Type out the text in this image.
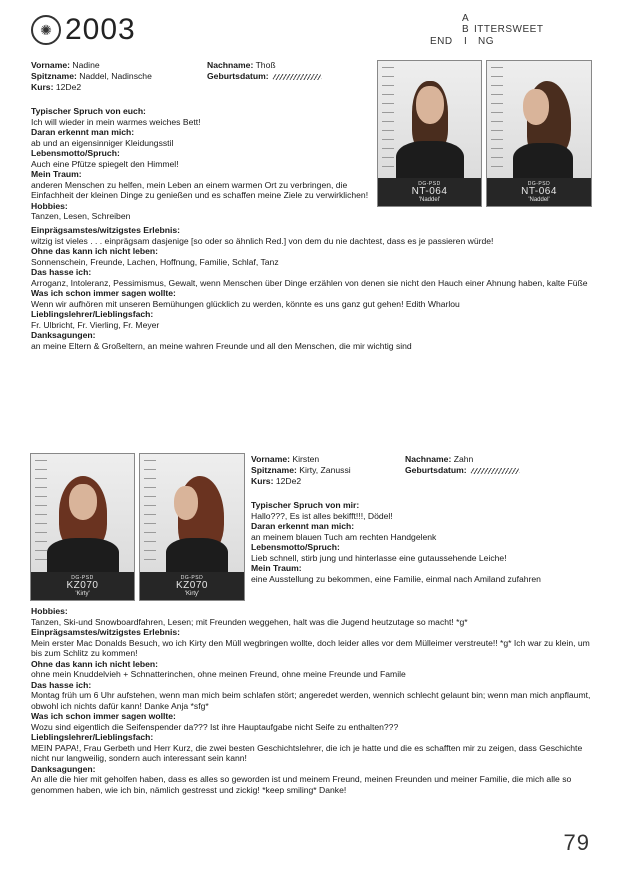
✺ 2003	A
B ITTERSWEET
END I NG
Vorname: Nadine	Nachname: Thoß
Spitzname: Naddel, Nadinsche	Geburtsdatum:
Kurs: 12De2
Typischer Spruch von euch:
Ich will wieder in mein warmes weiches Bett!
Daran erkennt man mich:
ab und an eigensinniger Kleidungsstil
Lebensmotto/Spruch:
Auch eine Pfütze spiegelt den Himmel!
Mein Traum:
anderen Menschen zu helfen, mein Leben an einem warmen Ort zu verbringen, die Einfachheit der kleinen Dinge zu genießen und es schaffen meine Ziele zu verwirklichen!
Hobbies:
Tanzen, Lesen, Schreiben
Einprägsamstes/witzigstes Erlebnis:
witzig ist vieles . . . einprägsam dasjenige [so oder so ähnlich Red.] von dem du nie dachtest, dass es je passieren würde!
Ohne das kann ich nicht leben:
Sonnenschein, Freunde, Lachen, Hoffnung, Familie, Schlaf, Tanz
Das hasse ich:
Arroganz, Intoleranz, Pessimismus, Gewalt, wenn Menschen über Dinge erzählen von denen sie nicht den Hauch einer Ahnung haben, kalte Füße
Was ich schon immer sagen wollte:
Wenn wir aufhören mit unseren Bemühungen glücklich zu werden, könnte es uns ganz gut gehen! Edith Wharlou
Lieblingslehrer/Lieblingsfach:
Fr. Ulbricht, Fr. Vierling, Fr. Meyer
Danksagungen:
an meine Eltern & Großeltern, an meine wahren Freunde und all den Menschen, die mir wichtig sind
DG-PSD
NT-064
'Naddel'
DG-PSD
NT-064
'Naddel'
DG-PSD
KZ070
'Kirty'
DG-PSD
KZ070
'Kirty'
Vorname: Kirsten	Nachname: Zahn
Spitzname: Kirty, Zanussi	Geburtsdatum:
Kurs: 12De2
Typischer Spruch von mir:
Hallo???, Es ist alles bekifft!!!, Dödel!
Daran erkennt man mich:
an meinem blauen Tuch am rechten Handgelenk
Lebensmotto/Spruch:
Lieb schnell, stirb jung und hinterlasse eine gutaussehende Leiche!
Mein Traum:
eine Ausstellung zu bekommen, eine Familie, einmal nach Amiland zufahren
Hobbies:
Tanzen, Ski-und Snowboardfahren, Lesen; mit Freunden weggehen, halt was die Jugend heutzutage so macht! *g*
Einprägsamstes/witzigstes Erlebnis:
Mein erster Mac Donalds Besuch, wo ich Kirty den Müll wegbringen wollte, doch leider alles vor dem Mülleimer verstreute!! *g* Ich war zu klein, um bis zum Schlitz zu kommen!
Ohne das kann ich nicht leben:
ohne mein Knuddelvieh + Schnatterinchen, ohne meinen Freund, ohne meine Freunde und Famile
Das hasse ich:
Montag früh um 6 Uhr aufstehen, wenn man mich beim schlafen stört; angeredet werden, wennich schlecht gelaunt bin; wenn man mich anpflaumt, obwohl ich nichts dafür kann! Danke Anja *sfg*
Was ich schon immer sagen wollte:
Wozu sind eigentlich die Seifenspender da??? Ist ihre Hauptaufgabe nicht Seife zu enthalten???
Lieblingslehrer/Lieblingsfach:
MEIN PAPA!, Frau Gerbeth und Herr Kurz, die zwei besten Geschichtslehrer, die ich je hatte und die es schafften mir zu zeigen, dass Geschichte nicht nur langweilig, sondern auch interessant sein kann!
Danksagungen:
An alle die hier mit geholfen haben, dass es alles so geworden ist und meinem Freund, meinen Freunden und meiner Familie, die mich alle so genommen haben, wie ich bin, nämlich gestresst und zickig! *keep smiling* Danke!
79
